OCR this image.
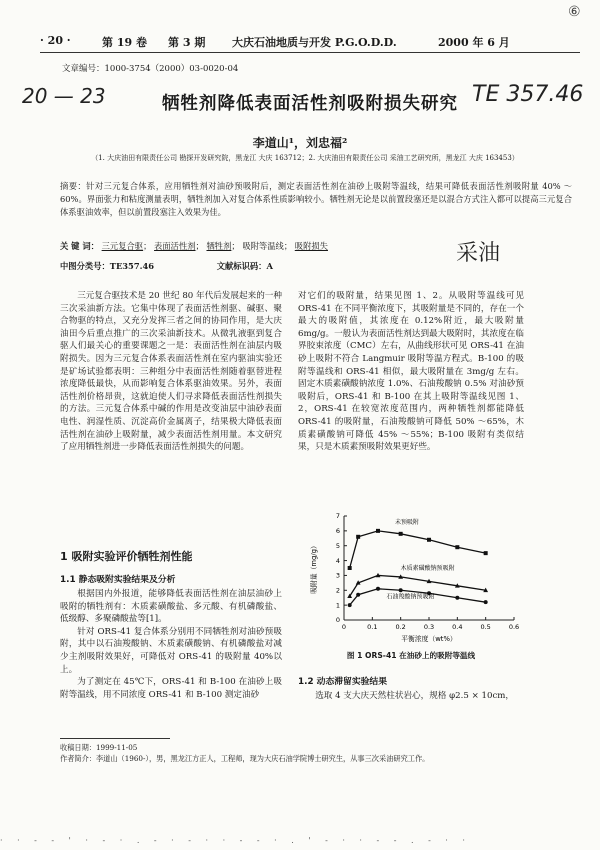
· 20 ·	第 19 卷 第 3 期 大庆石油地质与开发 P.G.O.D.D.	2000 年 6 月
⑥
文章编号：1000-3754（2000）03-0020-04
20 — 23	TE 357.46
牺牲剂降低表面活性剂吸附损失研究
李道山¹，刘忠福²
（1. 大庆油田有限责任公司 勘探开发研究院，黑龙江 大庆 163712；2. 大庆油田有限责任公司 采油工艺研究所，黑龙江 大庆 163453）
摘要：针对三元复合体系，应用牺牲剂对油砂预吸附后，测定表面活性剂在油砂上吸附等温线，结果可降低表面活性剂吸附量 40% ～60%。界面张力和粘度测量表明，牺牲剂加入对复合体系性质影响较小。牺牲剂无论是以前置段塞还是以混合方式注入都可以提高三元复合体系驱油效率，但以前置段塞注入效果为佳。
关 键 词： 三元复合驱； 表面活性剂； 牺牲剂； 吸附等温线； 吸附损失	采油
中图分类号：TE357.46	文献标识码：A

三元复合驱技术是 20 世纪 80 年代后发展起来的一种三次采油新方法。它集中体现了表面活性剂驱、碱驱、聚合物驱的特点，又充分发挥三者之间的协同作用，是大庆油田今后重点推广的三次采油新技术。从微乳液驱到复合驱人们最关心的重要课题之一是：表面活性剂在油层内吸附损失。因为三元复合体系表面活性剂在室内驱油实验还是矿场试验都表明：三种组分中表面活性剂随着驱替进程浓度降低最快，从而影响复合体系驱油效果。另外，表面活性剂价格昂贵，这就迫使人们寻求降低表面活性剂损失的方法。三元复合体系中碱的作用是改变油层中油砂表面电性、润湿性质、沉淀高价金属离子，结果极大降低表面活性剂在油砂上吸附量，减少表面活性剂用量。本文研究了应用牺牲剂进一步降低表面活性剂损失的问题。

1 吸附实验评价牺牲剂性能
1.1 静态吸附实验结果及分析

根据国内外报道，能够降低表面活性剂在油层油砂上吸附的牺牲剂有：木质素磺酸盐、多元酸、有机磷酸盐、低级醇、多聚磷酸盐等[1]。

针对 ORS-41 复合体系分别用不同牺牲剂对油砂预吸附，其中以石油羧酸钠、木质素磺酸钠、有机磷酸盐对减少主剂吸附效果好，可降低对 ORS-41 的吸附量 40%以上。

为了测定在 45℃下，ORS-41 和 B-100 在油砂上吸附等温线，用不同浓度 ORS-41 和 B-100 测定油砂

收稿日期：1999-11-05
作者简介：李道山（1960-），男，黑龙江方正人，工程师，现为大庆石油学院博士研究生，从事三次采油研究工作。

对它们的吸附量，结果见图 1、2。从吸附等温线可见 ORS-41 在不同平衡浓度下，其吸附量是不同的，存在一个最大的吸附值，其浓度在 0.12%附近，最大吸附量 6mg/g。一般认为表面活性剂达到最大吸附时，其浓度在临界胶束浓度（CMC）左右，从曲线形状可见 ORS-41 在油砂上吸附不符合 Langmuir 吸附等温方程式。B-100 的吸附等温线和 ORS-41 相似，最大吸附量在 3mg/g 左右。固定木质素磺酸钠浓度 1.0%、石油羧酸钠 0.5% 对油砂预吸附后，ORS-41 和 B-100 在其上吸附等温线见图 1、2，ORS-41 在较宽浓度范围内，两种牺牲剂都能降低 ORS-41 的吸附量，石油羧酸钠可降低 50% ～65%，木质素磺酸钠可降低 45% ～55%；B-100 吸附有类似结果，只是木质素预吸附效果更好些。

0	0.1	0.2	0.3	0.4	0.5	0.6
0
1
2
3
4
5
6
7
平衡浓度（wt%）
吸附量（mg/g）
未预吸附
木质素磺酸钠预吸附
石油羧酸钠预吸附
图 1 ORS-41 在油砂上的吸附等温线
1.2 动态滞留实验结果

选取 4 支大庆天然柱状岩心，规格 φ2.5 × 10cm，

· · - - ' · - · . - · - · · - - · . ' - · · - - . - · ·
